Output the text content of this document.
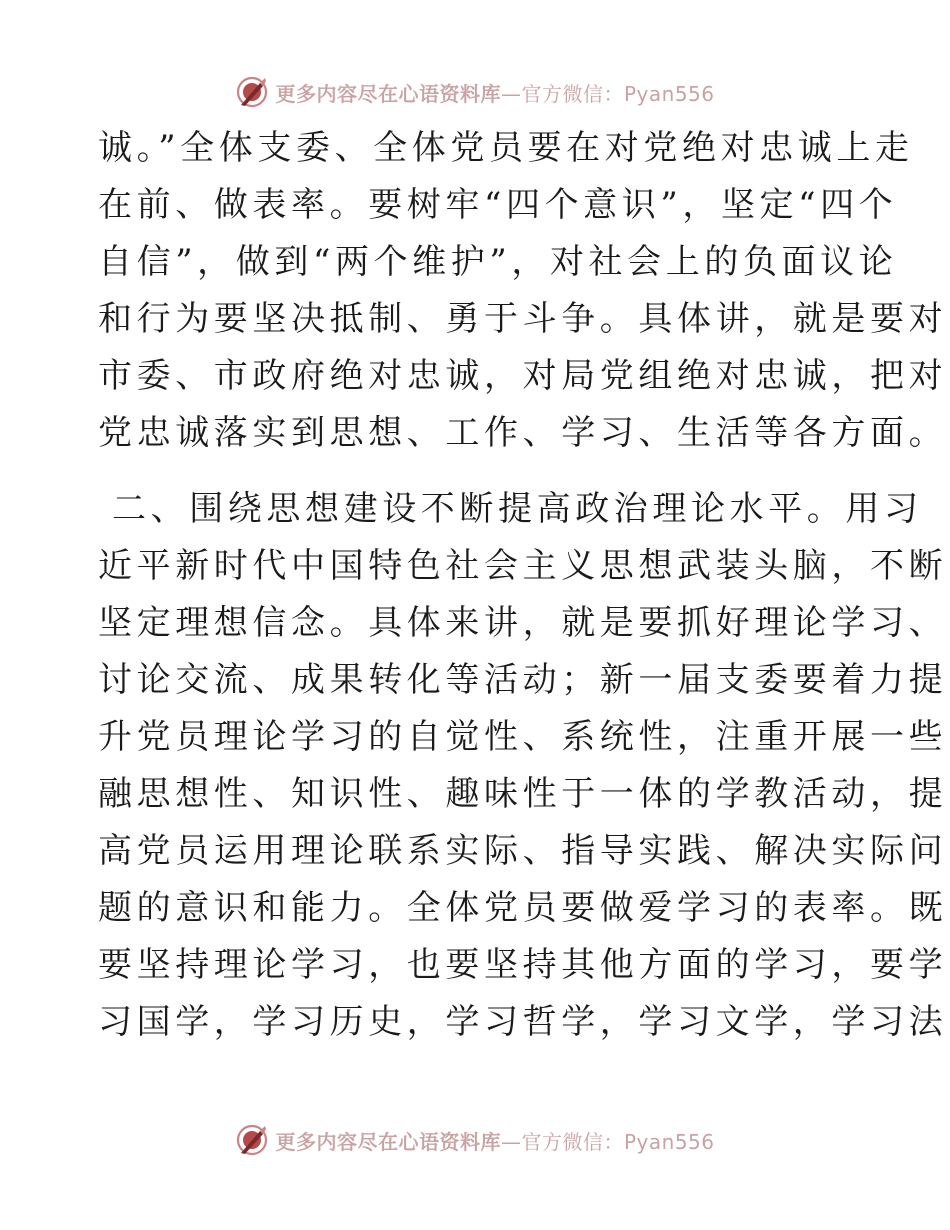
更多内容尽在心语资料库—官方微信：Pyan556
诚。”全体支委、全体党员要在对党绝对忠诚上走
在前、做表率。要树牢“四个意识”，坚定“四个
自信”，做到“两个维护”，对社会上的负面议论
和行为要坚决抵制、勇于斗争。具体讲，就是要对
市委、市政府绝对忠诚，对局党组绝对忠诚，把对
党忠诚落实到思想、工作、学习、生活等各方面。
二、围绕思想建设不断提高政治理论水平。用习
近平新时代中国特色社会主义思想武装头脑，不断
坚定理想信念。具体来讲，就是要抓好理论学习、
讨论交流、成果转化等活动；新一届支委要着力提
升党员理论学习的自觉性、系统性，注重开展一些
融思想性、知识性、趣味性于一体的学教活动，提
高党员运用理论联系实际、指导实践、解决实际问
题的意识和能力。全体党员要做爱学习的表率。既
要坚持理论学习，也要坚持其他方面的学习，要学
习国学，学习历史，学习哲学，学习文学，学习法
更多内容尽在心语资料库—官方微信：Pyan556
